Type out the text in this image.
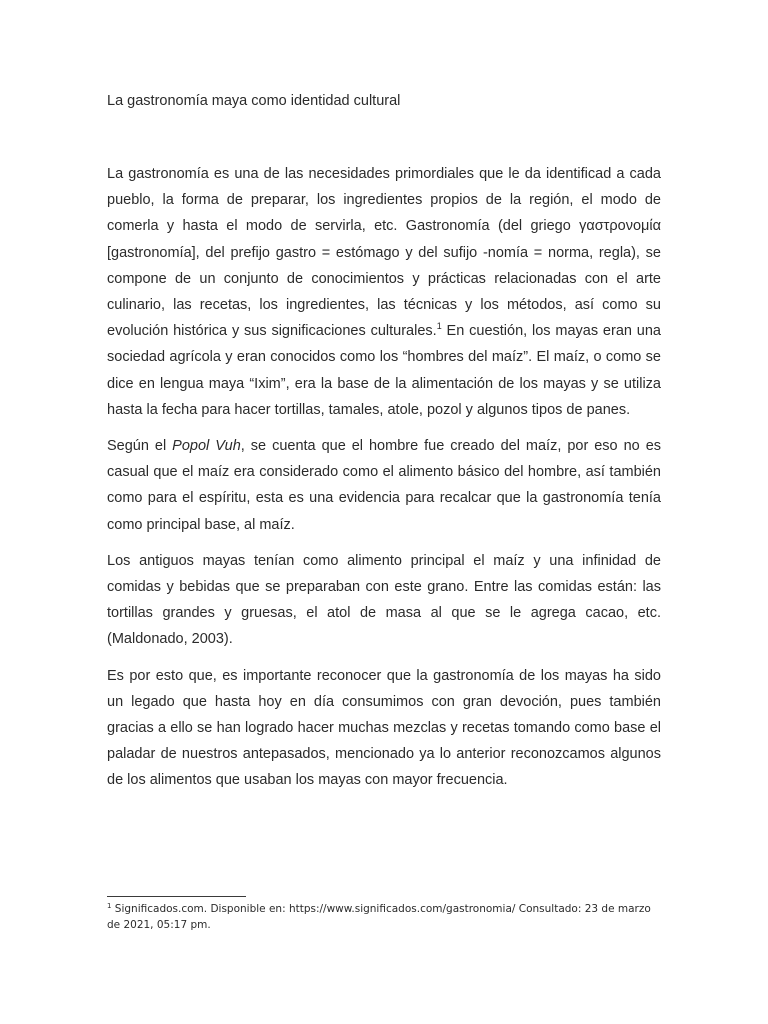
La gastronomía maya como identidad cultural

La gastronomía es una de las necesidades primordiales que le da identificad a cada pueblo, la forma de preparar, los ingredientes propios de la región, el modo de comerla y hasta el modo de servirla, etc. Gastronomía (del griego γαστρονομία [gastronomía], del prefijo gastro = estómago y del sufijo -nomía = norma, regla), se compone de un conjunto de conocimientos y prácticas relacionadas con el arte culinario, las recetas, los ingredientes, las técnicas y los métodos, así como su evolución histórica y sus significaciones culturales.$^1$ En cuestión, los mayas eran una sociedad agrícola y eran conocidos como los “hombres del maíz”. El maíz, o como se dice en lengua maya “Ixim”, era la base de la alimentación de los mayas y se utiliza hasta la fecha para hacer tortillas, tamales, atole, pozol y algunos tipos de panes.

Según el Popol Vuh, se cuenta que el hombre fue creado del maíz, por eso no es casual que el maíz era considerado como el alimento básico del hombre, así también como para el espíritu, esta es una evidencia para recalcar que la gastronomía tenía como principal base, al maíz.

Los antiguos mayas tenían como alimento principal el maíz y una infinidad de comidas y bebidas que se preparaban con este grano. Entre las comidas están: las tortillas grandes y gruesas, el atol de masa al que se le agrega cacao, etc. (Maldonado, 2003).

Es por esto que, es importante reconocer que la gastronomía de los mayas ha sido un legado que hasta hoy en día consumimos con gran devoción, pues también gracias a ello se han logrado hacer muchas mezclas y recetas tomando como base el paladar de nuestros antepasados, mencionado ya lo anterior reconozcamos algunos de los alimentos que usaban los mayas con mayor frecuencia.

$^1$ Significados.com. Disponible en: https://www.significados.com/gastronomia/ Consultado: 23 de marzo de 2021, 05:17 pm.
